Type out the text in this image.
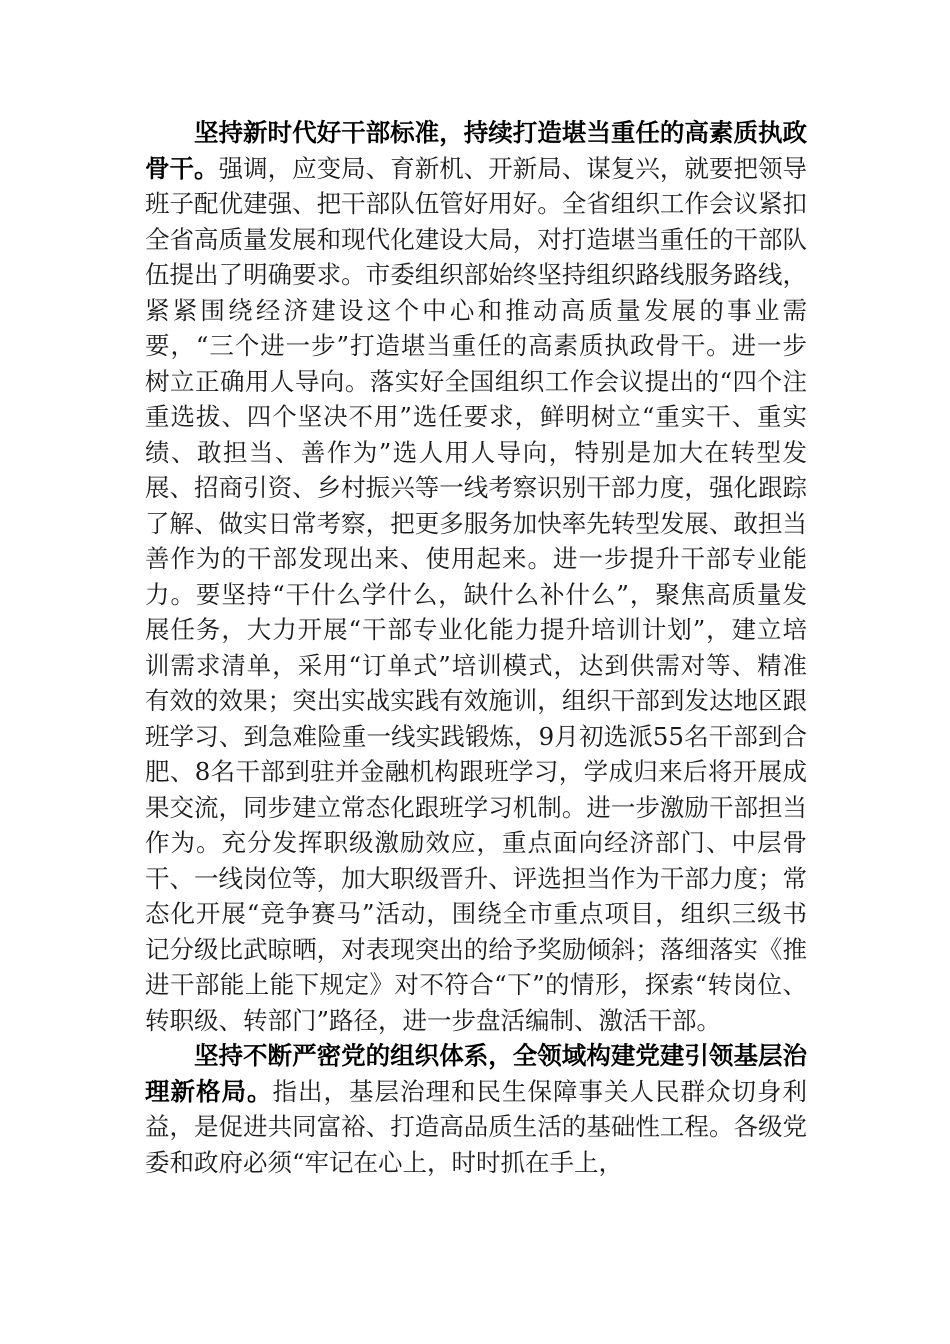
坚持新时代好干部标准，持续打造堪当重任的高素质执政骨干。强调，应变局、育新机、开新局、谋复兴，就要把领导班子配优建强、把干部队伍管好用好。全省组织工作会议紧扣全省高质量发展和现代化建设大局，对打造堪当重任的干部队伍提出了明确要求。市委组织部始终坚持组织路线服务路线，紧紧围绕经济建设这个中心和推动高质量发展的事业需要，“三个进一步”打造堪当重任的高素质执政骨干。进一步树立正确用人导向。落实好全国组织工作会议提出的“四个注重选拔、四个坚决不用”选任要求，鲜明树立“重实干、重实绩、敢担当、善作为”选人用人导向，特别是加大在转型发展、招商引资、乡村振兴等一线考察识别干部力度，强化跟踪了解、做实日常考察，把更多服务加快率先转型发展、敢担当善作为的干部发现出来、使用起来。进一步提升干部专业能力。要坚持“干什么学什么，缺什么补什么”，聚焦高质量发展任务，大力开展“干部专业化能力提升培训计划”，建立培训需求清单，采用“订单式”培训模式，达到供需对等、精准有效的效果；突出实战实践有效施训，组织干部到发达地区跟班学习、到急难险重一线实践锻炼，9月初选派55名干部到合肥、8名干部到驻并金融机构跟班学习，学成归来后将开展成果交流，同步建立常态化跟班学习机制。进一步激励干部担当作为。充分发挥职级激励效应，重点面向经济部门、中层骨干、一线岗位等，加大职级晋升、评选担当作为干部力度；常态化开展“竞争赛马”活动，围绕全市重点项目，组织三级书记分级比武晾晒，对表现突出的给予奖励倾斜；落细落实《推进干部能上能下规定》对不符合“下”的情形，探索“转岗位、转职级、转部门”路径，进一步盘活编制、激活干部。

坚持不断严密党的组织体系，全领域构建党建引领基层治理新格局。指出，基层治理和民生保障事关人民群众切身利益，是促进共同富裕、打造高品质生活的基础性工程。各级党委和政府必须“牢记在心上，时时抓在手上，
